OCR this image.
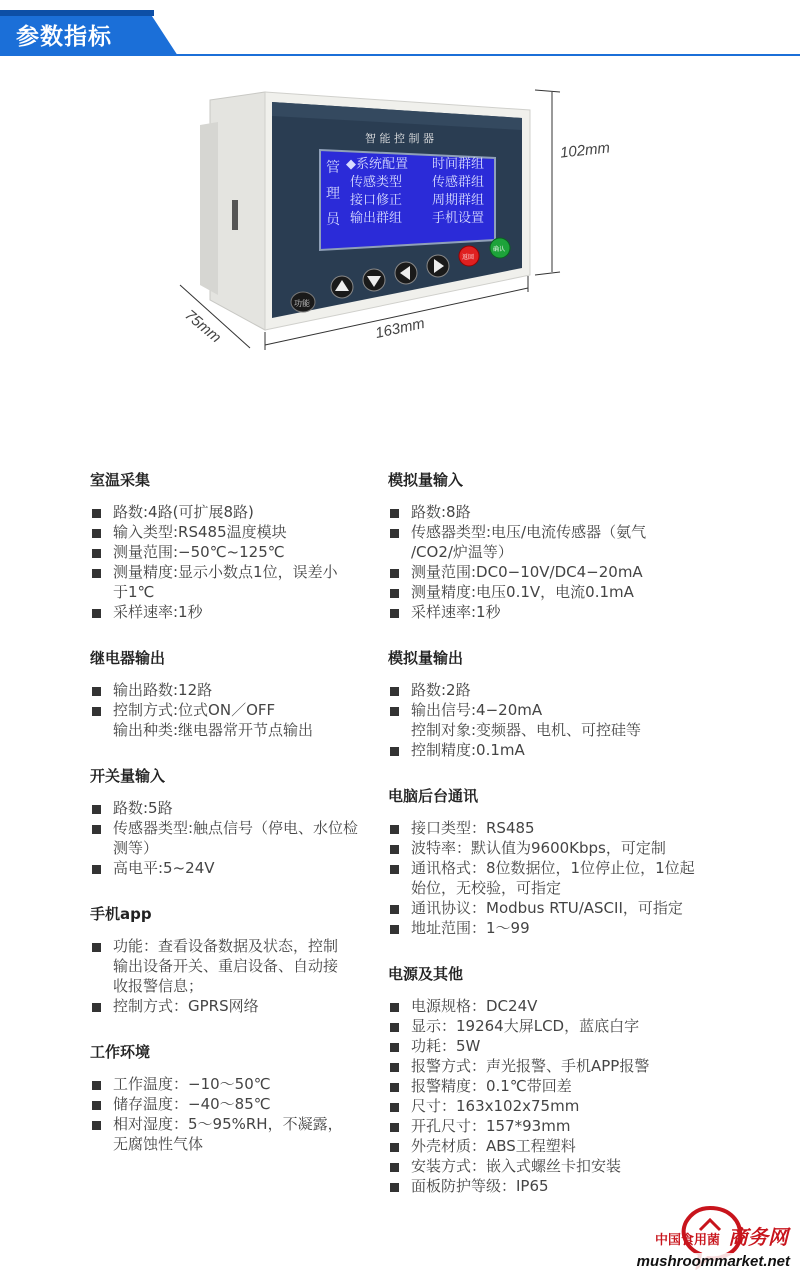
参数指标
管
理
员
◆系统配置
传感类型
接口修正
输出群组
时间群组
传感群组
周期群组
手机设置
智 能 控 制 器
功能
返回
确认
102mm
163mm
75mm
室温采集
路数:4路(可扩展8路)
输入类型:RS485温度模块
测量范围:−50℃~125℃
测量精度:显示小数点1位，误差小
于1℃
采样速率:1秒
继电器输出
输出路数:12路
控制方式:位式ON／OFF
输出种类:继电器常开节点输出
开关量输入
路数:5路
传感器类型:触点信号（停电、水位检
测等）
高电平:5~24V
手机app
功能：查看设备数据及状态，控制
输出设备开关、重启设备、自动接
收报警信息；
控制方式：GPRS网络
工作环境
工作温度：−10～50℃
储存温度：−40～85℃
相对湿度：5～95%RH，不凝露，
无腐蚀性气体
模拟量输入
路数:8路
传感器类型:电压/电流传感器（氨气
/CO2/炉温等）
测量范围:DC0−10V/DC4−20mA
测量精度:电压0.1V，电流0.1mA
采样速率:1秒
模拟量输出
路数:2路
输出信号:4−20mA
控制对象:变频器、电机、可控硅等
控制精度:0.1mA
电脑后台通讯
接口类型：RS485
波特率：默认值为9600Kbps，可定制
通讯格式：8位数据位，1位停止位，1位起
始位，无校验，可指定
通讯协议：Modbus RTU/ASCII，可指定
地址范围：1～99
电源及其他
电源规格：DC24V
显示：19264大屏LCD，蓝底白字
功耗：5W
报警方式：声光报警、手机APP报警
报警精度：0.1℃带回差
尺寸：163x102x75mm
开孔尺寸：157*93mm
外壳材质：ABS工程塑料
安装方式：嵌入式螺丝卡扣安装
面板防护等级：IP65
中国食用菌 商务网
mushroommarket.net
